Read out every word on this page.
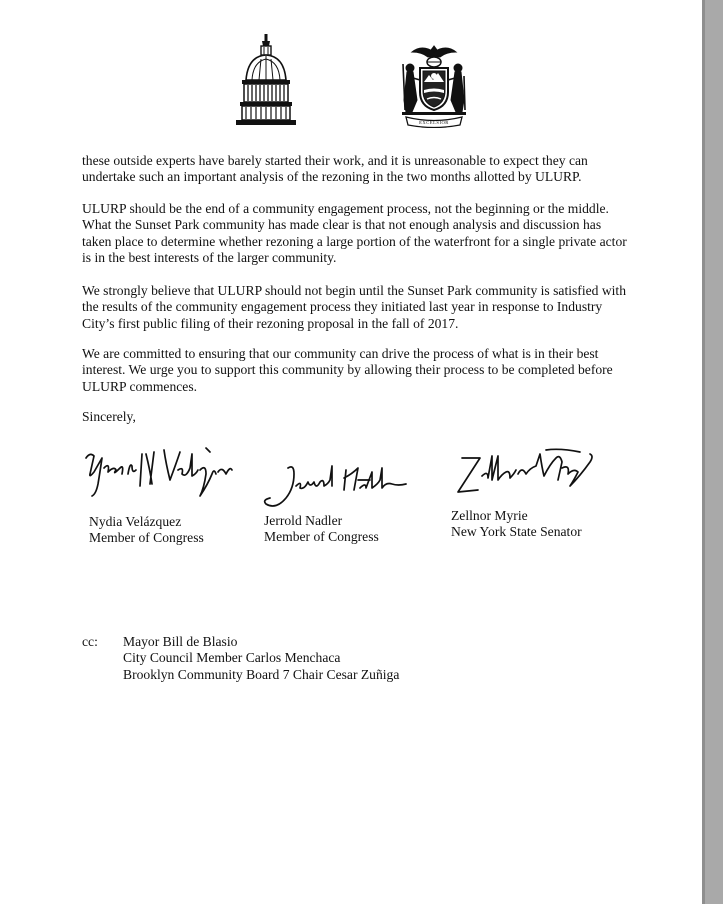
EXCELSIOR

these outside experts have barely started their work, and it is unreasonable to expect they can undertake such an important analysis of the rezoning in the two months allotted by ULURP.

ULURP should be the end of a community engagement process, not the beginning or the middle. What the Sunset Park community has made clear is that not enough analysis and discussion has taken place to determine whether rezoning a large portion of the waterfront for a single private actor is in the best interests of the larger community.

We strongly believe that ULURP should not begin until the Sunset Park community is satisfied with the results of the community engagement process they initiated last year in response to Industry City’s first public filing of their rezoning proposal in the fall of 2017.

We are committed to ensuring that our community can drive the process of what is in their best interest. We urge you to support this community by allowing their process to be completed before ULURP commences.

Sincerely,

Nydia Velázquez
Member of Congress
Jerrold Nadler
Member of Congress
Zellnor Myrie
New York State Senator
cc: Mayor Bill de Blasio
City Council Member Carlos Menchaca
Brooklyn Community Board 7 Chair Cesar Zuñiga
